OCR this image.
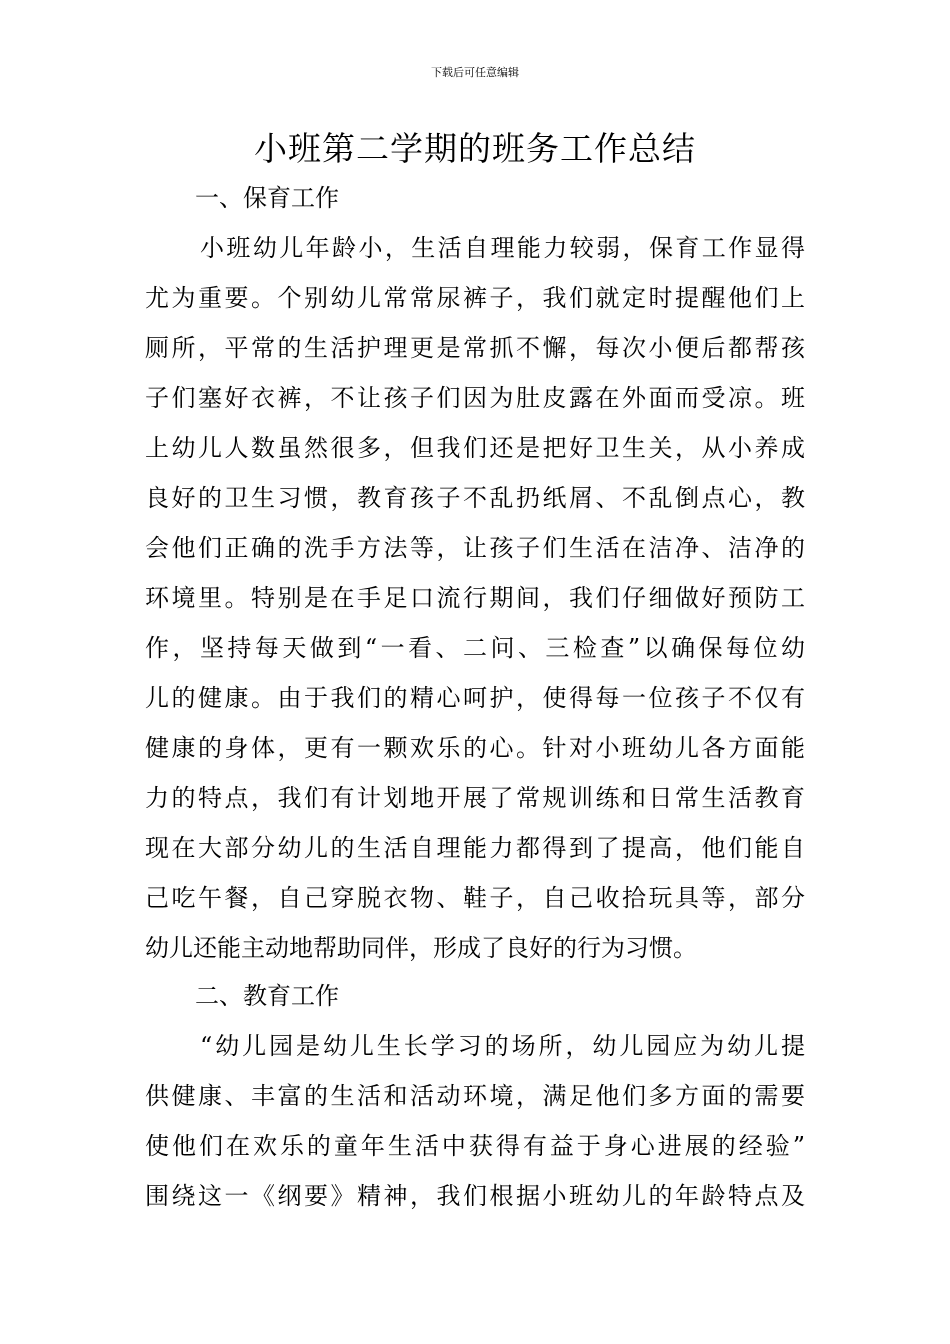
下载后可任意编辑
小班第二学期的班务工作总结
一、保育工作
小班幼儿年龄小，生活自理能力较弱，保育工作显得
尤为重要。个别幼儿常常尿裤子，我们就定时提醒他们上
厕所，平常的生活护理更是常抓不懈，每次小便后都帮孩
子们塞好衣裤，不让孩子们因为肚皮露在外面而受凉。班
上幼儿人数虽然很多，但我们还是把好卫生关，从小养成
良好的卫生习惯，教育孩子不乱扔纸屑、不乱倒点心，教
会他们正确的洗手方法等，让孩子们生活在洁净、洁净的
环境里。特别是在手足口流行期间，我们仔细做好预防工
作，坚持每天做到“一看、二问、三检查”以确保每位幼
儿的健康。由于我们的精心呵护，使得每一位孩子不仅有
健康的身体，更有一颗欢乐的心。针对小班幼儿各方面能
力的特点，我们有计划地开展了常规训练和日常生活教育
现在大部分幼儿的生活自理能力都得到了提高，他们能自
己吃午餐，自己穿脱衣物、鞋子，自己收拾玩具等，部分
幼儿还能主动地帮助同伴，形成了良好的行为习惯。
二、教育工作
“幼儿园是幼儿生长学习的场所，幼儿园应为幼儿提
供健康、丰富的生活和活动环境，满足他们多方面的需要
使他们在欢乐的童年生活中获得有益于身心进展的经验”
围绕这一《纲要》精神，我们根据小班幼儿的年龄特点及
